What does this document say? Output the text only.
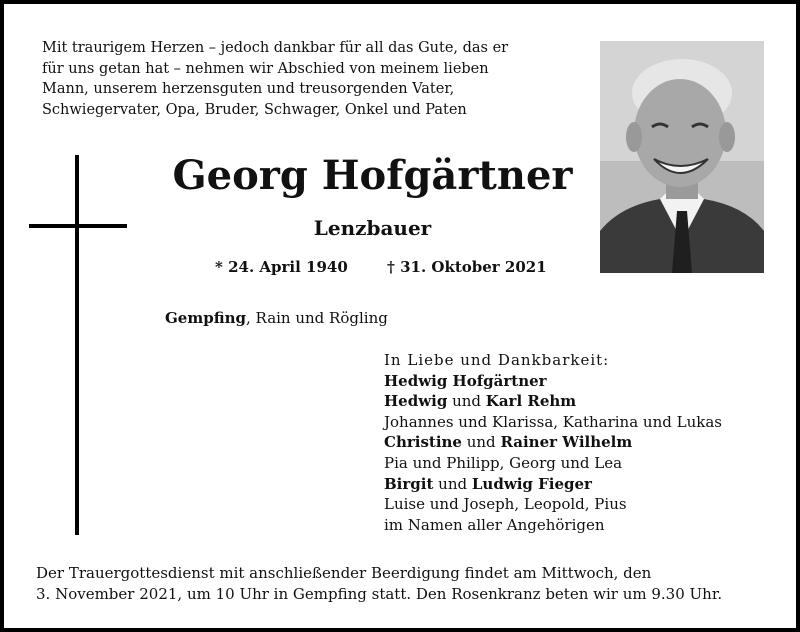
Mit traurigem Herzen – jedoch dankbar für all das Gute, das er
für uns getan hat – nehmen wir Abschied von meinem lieben
Mann, unserem herzensguten und treusorgenden Vater,
Schwiegervater, Opa, Bruder, Schwager, Onkel und Paten
Georg Hofgärtner
Lenzbauer
* 24. April 1940	† 31. Oktober 2021
Gempfing, Rain und Rögling
In Liebe und Dankbarkeit:
Hedwig Hofgärtner
Hedwig und Karl Rehm
Johannes und Klarissa, Katharina und Lukas
Christine und Rainer Wilhelm
Pia und Philipp, Georg und Lea
Birgit und Ludwig Fieger
Luise und Joseph, Leopold, Pius
im Namen aller Angehörigen
Der Trauergottesdienst mit anschließender Beerdigung findet am Mittwoch, den
3. November 2021, um 10 Uhr in Gempfing statt. Den Rosenkranz beten wir um 9.30 Uhr.
